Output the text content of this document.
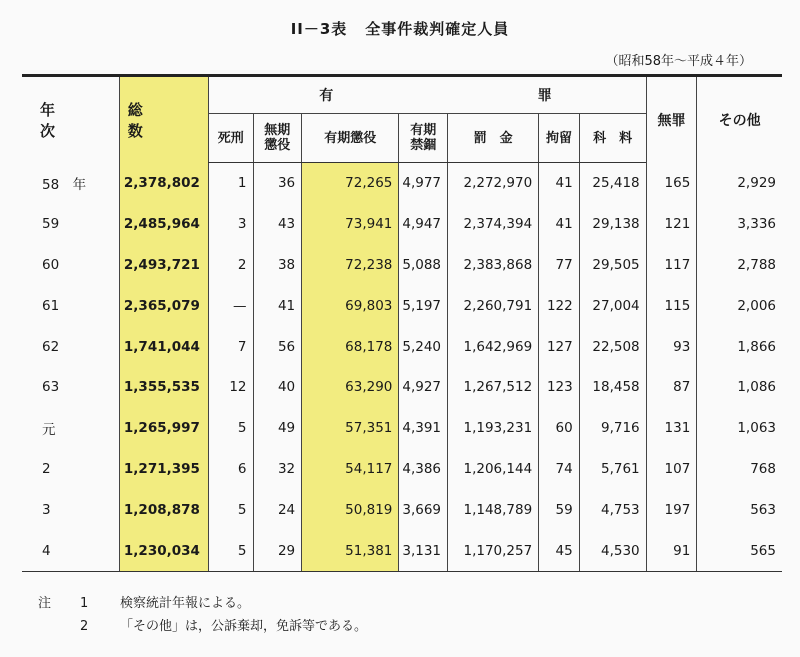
II－3表 全事件裁判確定人員
（昭和58年～平成４年）
年　次	総　数	有				罪			無罪	その他
		死刑	無期懲役	有期懲役	有期禁錮	罰　金	拘留	科　料		
58　年	2,378,802	1	36	72,265	4,977	2,272,970	41	25,418	165	2,929
59	2,485,964	3	43	73,941	4,947	2,374,394	41	29,138	121	3,336
60	2,493,721	2	38	72,238	5,088	2,383,868	77	29,505	117	2,788
61	2,365,079	—	41	69,803	5,197	2,260,791	122	27,004	115	2,006
62	1,741,044	7	56	68,178	5,240	1,642,969	127	22,508	93	1,866
63	1,355,535	12	40	63,290	4,927	1,267,512	123	18,458	87	1,086
元	1,265,997	5	49	57,351	4,391	1,193,231	60	9,716	131	1,063
2	1,271,395	6	32	54,117	4,386	1,206,144	74	5,761	107	768
3	1,208,878	5	24	50,819	3,669	1,148,789	59	4,753	197	563
4	1,230,034	5	29	51,381	3,131	1,170,257	45	4,530	91	565
注 1 検察統計年報による。
2 「その他」は，公訴棄却，免訴等である。
